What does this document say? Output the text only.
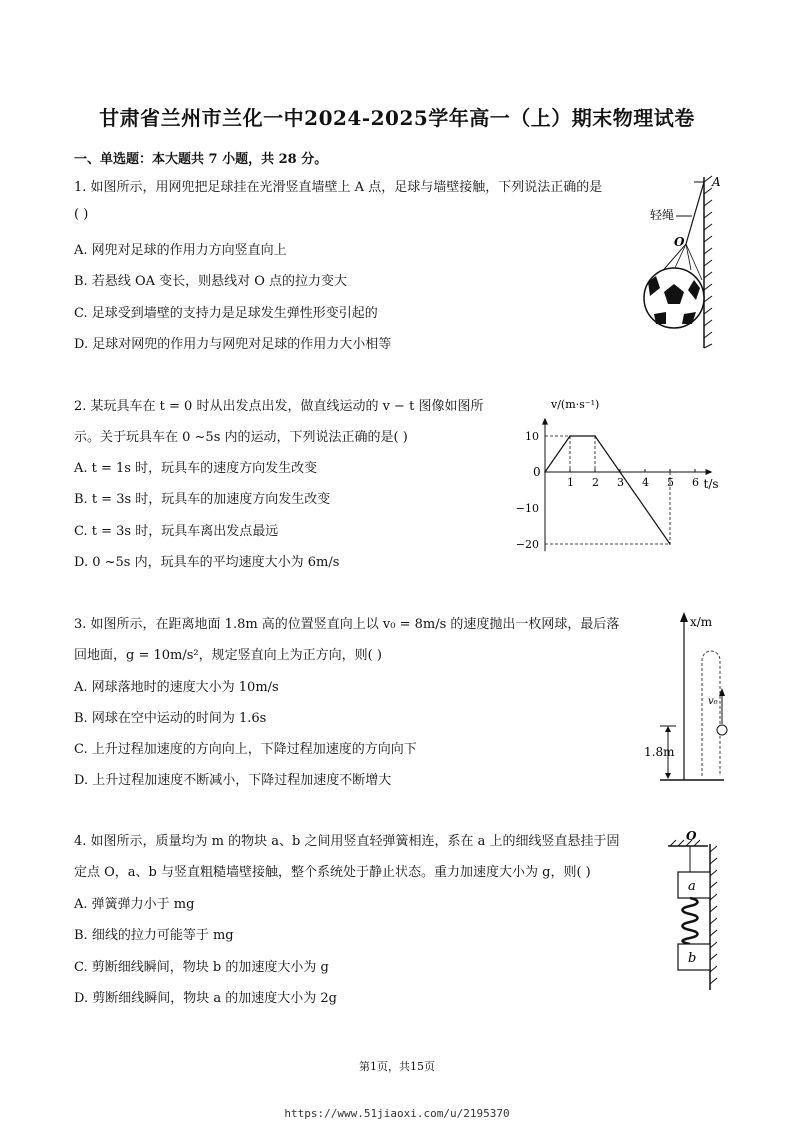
甘肃省兰州市兰化一中2024-2025学年高一（上）期末物理试卷
一、单选题：本大题共 7 小题，共 28 分。
1. 如图所示，用网兜把足球挂在光滑竖直墙壁上 A 点，足球与墙壁接触，下列说法正确的是
( )
A. 网兜对足球的作用力方向竖直向上
B. 若悬线 OA 变长，则悬线对 O 点的拉力变大
C. 足球受到墙壁的支持力是足球发生弹性形变引起的
D. 足球对网兜的作用力与网兜对足球的作用力大小相等
A
轻绳
O
2. 某玩具车在 t = 0 时从出发点出发，做直线运动的 v − t 图像如图所
示。关于玩具车在 0 ~5s 内的运动，下列说法正确的是( )
A. t = 1s 时，玩具车的速度方向发生改变
B. t = 3s 时，玩具车的加速度方向发生改变
C. t = 3s 时，玩具车离出发点最远
D. 0 ~5s 内，玩具车的平均速度大小为 6m/s
1 2 3 4 5 6
10
−10
−20
v/(m·s⁻¹)
t/s
0
3. 如图所示，在距离地面 1.8m 高的位置竖直向上以 v₀ = 8m/s 的速度抛出一枚网球，最后落
回地面，g = 10m/s²，规定竖直向上为正方向，则( )
A. 网球落地时的速度大小为 10m/s
B. 网球在空中运动的时间为 1.6s
C. 上升过程加速度的方向向上，下降过程加速度的方向向下
D. 上升过程加速度不断减小，下降过程加速度不断增大
x/m
v₀
1.8m
4. 如图所示，质量均为 m 的物块 a、b 之间用竖直轻弹簧相连，系在 a 上的细线竖直悬挂于固
定点 O，a、b 与竖直粗糙墙壁接触，整个系统处于静止状态。重力加速度大小为 g，则( )
A. 弹簧弹力小于 mg
B. 细线的拉力可能等于 mg
C. 剪断细线瞬间，物块 b 的加速度大小为 g
D. 剪断细线瞬间，物块 a 的加速度大小为 2g
O
a
b
第1页，共15页
https://www.51jiaoxi.com/u/2195370
